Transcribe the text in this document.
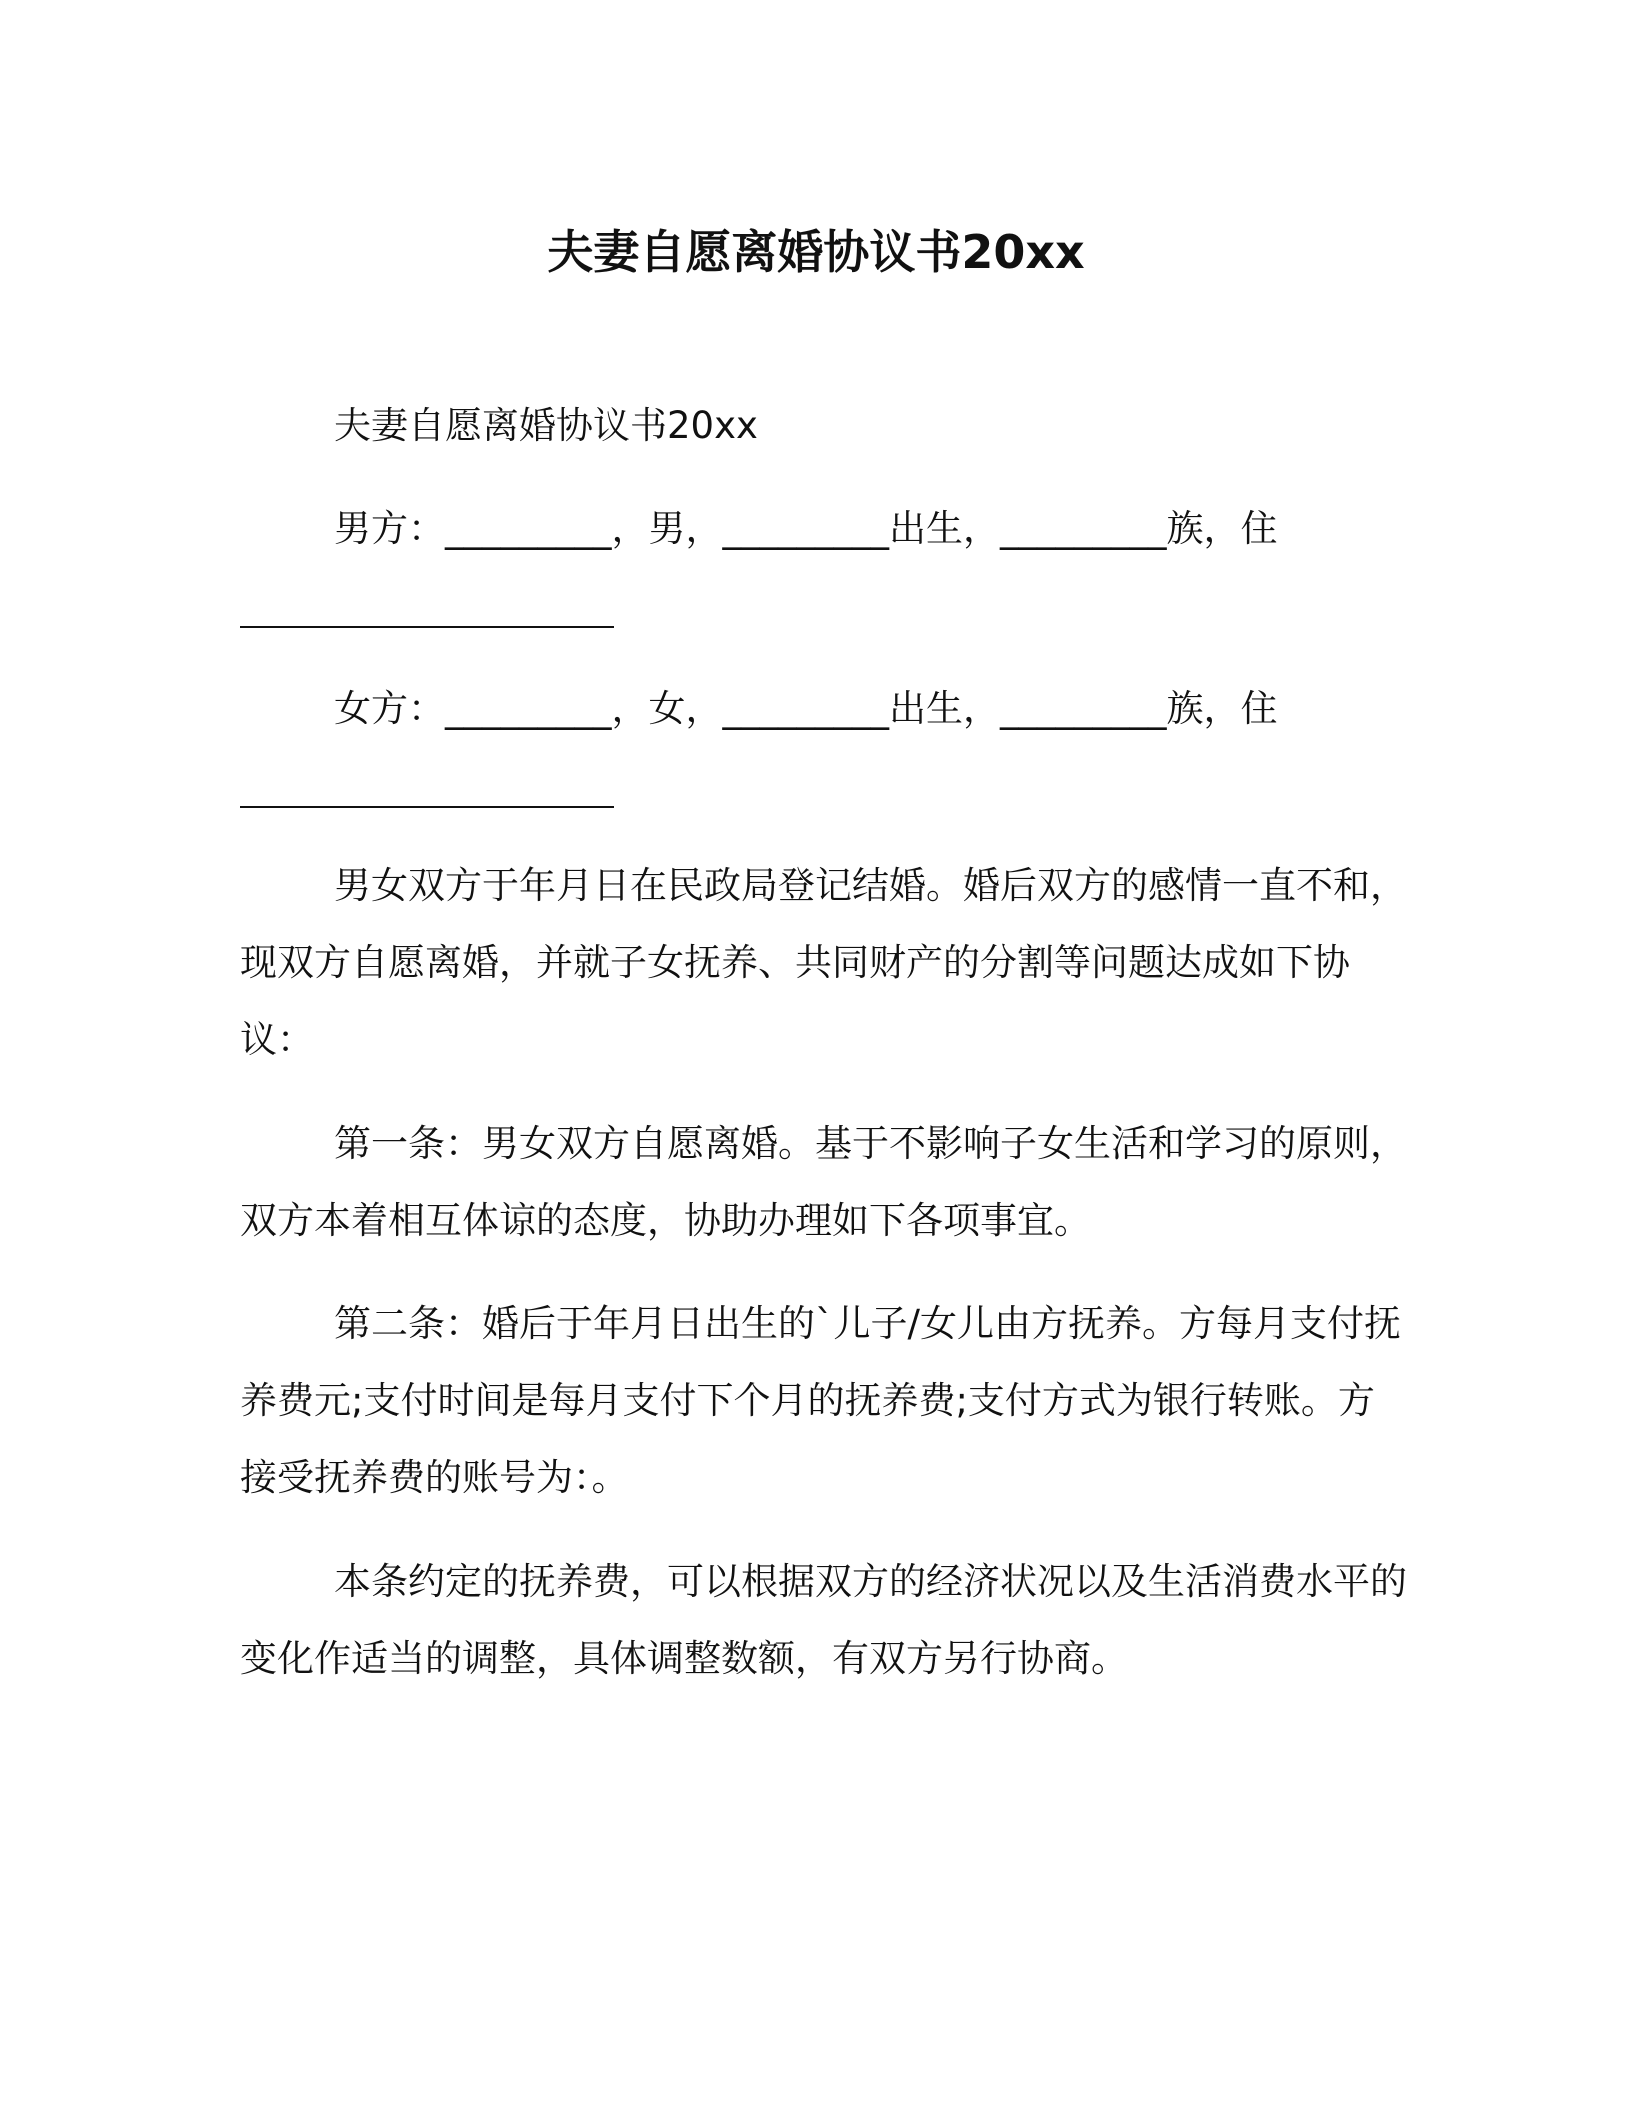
夫妻自愿离婚协议书20xx

夫妻自愿离婚协议书20xx

男方：_________，男，_________出生，_________族，住

女方：_________，女，_________出生，_________族，住

男女双方于年月日在民政局登记结婚。婚后双方的感情一直不和，现双方自愿离婚，并就子女抚养、共同财产的分割等问题达成如下协议：

第一条：男女双方自愿离婚。基于不影响子女生活和学习的原则，双方本着相互体谅的态度，协助办理如下各项事宜。

第二条：婚后于年月日出生的`儿子/女儿由方抚养。方每月支付抚养费元;支付时间是每月支付下个月的抚养费;支付方式为银行转账。方接受抚养费的账号为：。

本条约定的抚养费，可以根据双方的经济状况以及生活消费水平的变化作适当的调整，具体调整数额，有双方另行协商。
